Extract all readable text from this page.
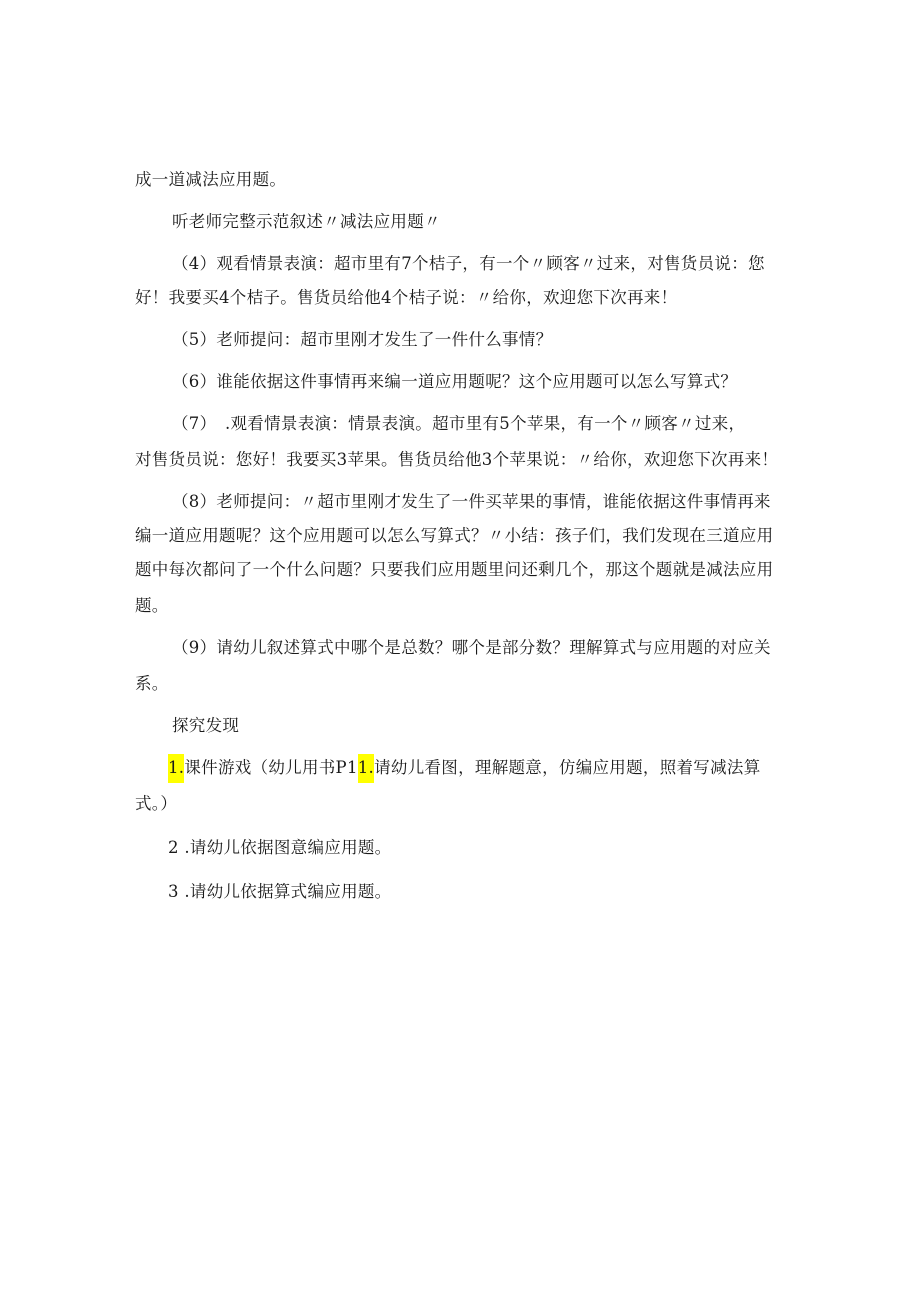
成一道减法应用题。
听老师完整示范叙述〃减法应用题〃
（4）观看情景表演：超市里有7个桔子，有一个〃顾客〃过来，对售货员说：您
好！我要买4个桔子。售货员给他4个桔子说：〃给你，欢迎您下次再来！
（5）老师提问：超市里刚才发生了一件什么事情？
（6）谁能依据这件事情再来编一道应用题呢？这个应用题可以怎么写算式？
（7）　.观看情景表演：情景表演。超市里有5个苹果，有一个〃顾客〃过来，
对售货员说：您好！我要买3苹果。售货员给他3个苹果说：〃给你，欢迎您下次再来！
（8）老师提问：〃超市里刚才发生了一件买苹果的事情，谁能依据这件事情再来
编一道应用题呢？这个应用题可以怎么写算式？〃小结：孩子们，我们发现在三道应用
题中每次都问了一个什么问题？只要我们应用题里问还剩几个，那这个题就是减法应用
题。
（9）请幼儿叙述算式中哪个是总数？哪个是部分数？理解算式与应用题的对应关
系。
探究发现
1.课件游戏（幼儿用书P11.请幼儿看图，理解题意，仿编应用题，照着写减法算
式。）
2 .请幼儿依据图意编应用题。
3 .请幼儿依据算式编应用题。
